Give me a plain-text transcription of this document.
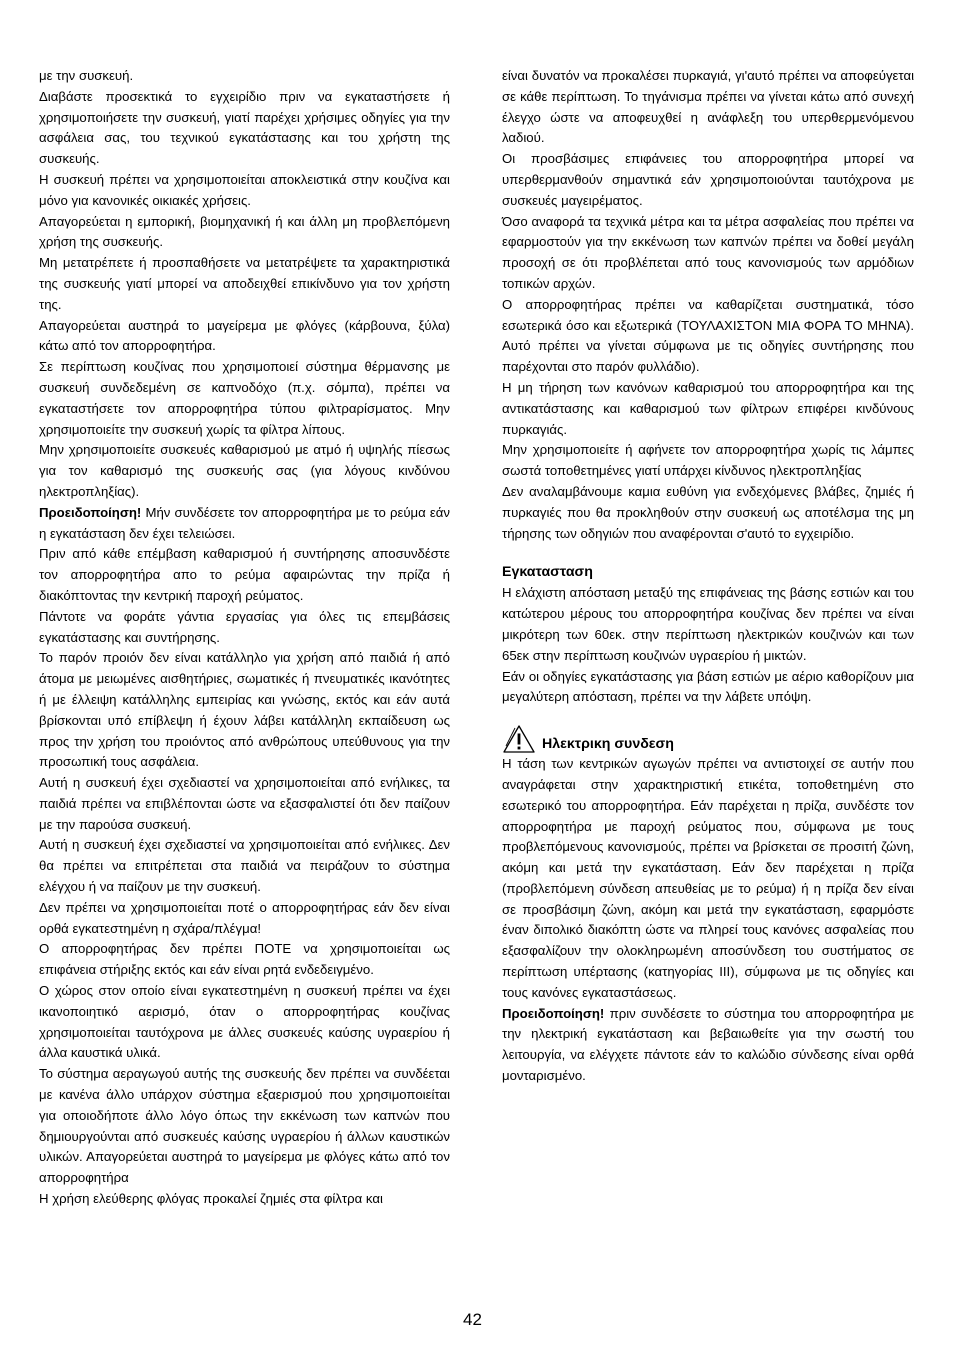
με την συσκευή.

Διαβάστε προσεκτικά το εγχειρίδιο πριν να εγκαταστήσετε ή χρησιμοποιήσετε την συσκευή, γιατί παρέχει χρήσιμες οδηγίες για την ασφάλεια σας, του τεχνικού εγκατάστασης και του χρήστη της συσκευής.

Η συσκευή πρέπει να χρησιμοποιείται αποκλειστικά στην κουζίνα και μόνο για κανονικές οικιακές χρήσεις.

Απαγορεύεται η εμπορική, βιομηχανική ή και άλλη μη προβλεπόμενη χρήση της συσκευής.

Μη μετατρέπετε ή προσπαθήσετε να μετατρέψετε τα χαρακτηριστικά της συσκευής γιατί μπορεί να αποδειχθεί επικίνδυνο για τον χρήστη της.

Απαγορεύεται αυστηρά το μαγείρεμα με φλόγες (κάρβουνα, ξύλα) κάτω από τον απορροφητήρα.

Σε περίπτωση κουζίνας που χρησιμοποιεί σύστημα θέρμανσης με συσκευή συνδεδεμένη σε καπνοδόχο (π.χ. σόμπα), πρέπει να εγκαταστήσετε τον απορροφητήρα τύπου φιλτραρίσματος. Μην χρησιμοποιείτε την συσκευή χωρίς τα φίλτρα λίπους.

Μην χρησιμοποιείτε συσκευές καθαρισμού με ατμό ή υψηλής πίεσως για τον καθαρισμό της συσκευής σας (για λόγους κινδύνου ηλεκτροπληξίας).

Προειδοποίηση! Μήν συνδέσετε τον απορροφητήρα με το ρεύμα εάν η εγκατάσταση δεν έχει τελειώσει.

Πριν από κάθε επέμβαση καθαρισμού ή συντήρησης αποσυνδέστε τον απορροφητήρα απο το ρεύμα αφαιρώντας την πρίζα ή διακόπτοντας την κεντρική παροχή ρεύματος.

Πάντοτε να φοράτε γάντια εργασίας για όλες τις επεμβάσεις εγκατάστασης και συντήρησης.

Το παρόν προιόν δεν είναι κατάλληλο για χρήση από παιδιά ή από άτομα με μειωμένες αισθητήριες, σωματικές ή πνευματικές ικανότητες ή με έλλειψη κατάλληλης εμπειρίας και γνώσης, εκτός και εάν αυτά βρίσκονται υπό επίβλεψη ή έχουν λάβει κατάλληλη εκπαίδευση ως προς την χρήση του προιόντος από ανθρώπους υπεύθυνους για την προσωπική τους ασφάλεια.

Αυτή η συσκευή έχει σχεδιαστεί να χρησιμοποιείται από ενήλικες, τα παιδιά πρέπει να επιβλέπονται ώστε να εξασφαλιστεί ότι δεν παίζουν με την παρούσα συσκευή.

Αυτή η συσκευή έχει σχεδιαστεί να χρησιμοποιείται από ενήλικες. Δεν θα πρέπει να επιτρέπεται στα παιδιά να πειράζουν το σύστημα ελέγχου ή να παίζουν με την συσκευή.

Δεν πρέπει να χρησιμοποιείται ποτέ ο απορροφητήρας εάν δεν είναι ορθά εγκατεστημένη η σχάρα/πλέγμα!

Ο απορροφητήρας δεν πρέπει ΠΟΤΕ να χρησιμοποιείται ως επιφάνεια στήριξης εκτός και εάν είναι ρητά ενδεδειγμένο.

Ο χώρος στον οποίο είναι εγκατεστημένη η συσκευή πρέπει να έχει ικανοποιητικό αερισμό, όταν ο απορροφητήρας κουζίνας χρησιμοποιείται ταυτόχρονα με άλλες συσκευές καύσης υγραερίου ή άλλα καυστικά υλικά.

Το σύστημα αεραγωγού αυτής της συσκευής δεν πρέπει να συνδέεται με κανένα άλλο υπάρχον σύστημα εξαερισμού που χρησιμοποιείται για οποιοδήποτε άλλο λόγο όπως την εκκένωση των καπνών που δημιουργούνται από συσκευές καύσης υγραερίου ή άλλων καυστικών υλικών. Απαγορεύεται αυστηρά το μαγείρεμα με φλόγες κάτω από τον απορροφητήρα

Η χρήση ελεύθερης φλόγας προκαλεί ζημιές στα φίλτρα και

είναι δυνατόν να προκαλέσει πυρκαγιά, γι'αυτό πρέπει να αποφεύγεται σε κάθε περίπτωση. Το τηγάνισμα πρέπει να γίνεται κάτω από συνεχή έλεγχο ώστε να αποφευχθεί η ανάφλεξη του υπερθερμενόμενου λαδιού.

Οι προσβάσιμες επιφάνειες του απορροφητήρα μπορεί να υπερθερμανθούν σημαντικά εάν χρησιμοποιούνται ταυτόχρονα με συσκευές μαγειρέματος.

Όσο αναφορά τα τεχνικά μέτρα και τα μέτρα ασφαλείας που πρέπει να εφαρμοστούν για την εκκένωση των καπνών πρέπει να δοθεί μεγάλη προσοχή σε ότι προβλέπεται από τους κανονισμούς των αρμόδιων τοπικών αρχών.

Ο απορροφητήρας πρέπει να καθαρίζεται συστηματικά, τόσο εσωτερικά όσο και εξωτερικά (ΤΟΥΛΑΧΙΣΤΟΝ ΜΙΑ ΦΟΡΑ ΤΟ ΜΗΝΑ). Αυτό πρέπει να γίνεται σύμφωνα με τις οδηγίες συντήρησης που παρέχονται στο παρόν φυλλάδιο).

Η μη τήρηση των κανόνων καθαρισμού του απορροφητήρα και της αντικατάστασης και καθαρισμού των φίλτρων επιφέρει κινδύνους πυρκαγιάς.

Μην χρησιμοποιείτε ή αφήνετε τον απορροφητήρα χωρίς τις λάμπες σωστά τοποθετημένες γιατί υπάρχει κίνδυνος ηλεκτροπληξίας

Δεν αναλαμβάνουμε καμια ευθύνη για ενδεχόμενες βλάβες, ζημιές ή πυρκαγιές που θα προκληθούν στην συσκευή ως αποτέλσμα της μη τήρησης των οδηγιών που αναφέρονται σ'αυτό το εγχειρίδιο.

Εγκατασταση

Η ελάχιστη απόσταση μεταξύ της επιφάνειας της βάσης εστιών και του κατώτερου μέρους του απορροφητήρα κουζίνας δεν πρέπει να είναι μικρότερη των 60εκ. στην περίπτωση ηλεκτρικών κουζινών και των 65εκ στην περίπτωση κουζινών υγραερίου ή μικτών.

Εάν οι οδηγίες εγκατάστασης για βάση εστιών με αέριο καθορίζουν μια μεγαλύτερη απόσταση, πρέπει να την λάβετε υπόψη.

Ηλεκτρικη συνδεση

Η τάση των κεντρικών αγωγών πρέπει να αντιστοιχεί σε αυτήν που αναγράφεται στην χαρακτηριστική ετικέτα, τοποθετημένη στο εσωτερικό του απορροφητήρα. Εάν παρέχεται η πρίζα, συνδέστε τον απορροφητήρα με παροχή ρεύματος που, σύμφωνα με τους προβλεπόμενους κανονισμούς, πρέπει να βρίσκεται σε προσιτή ζώνη, ακόμη και μετά την εγκατάσταση. Εάν δεν παρέχεται η πρίζα (προβλεπόμενη σύνδεση απευθείας με το ρεύμα) ή η πρίζα δεν είναι σε προσβάσιμη ζώνη, ακόμη και μετά την εγκατάσταση, εφαρμόστε έναν διπολικό διακόπτη ώστε να πληρεί τους κανόνες ασφαλείας που εξασφαλίζουν την ολοκληρωμένη αποσύνδεση του συστήματος σε περίπτωση υπέρτασης (κατηγορίας III), σύμφωνα με τις οδηγίες και τους κανόνες εγκαταστάσεως.

Προειδοποίηση! πριν συνδέσετε το σύστημα του απορροφητήρα με την ηλεκτρική εγκατάσταση και βεβαιωθείτε για την σωστή του λειτουργία, να ελέγχετε πάντοτε εάν το καλώδιο σύνδεσης είναι ορθά μονταρισμένο.

42
